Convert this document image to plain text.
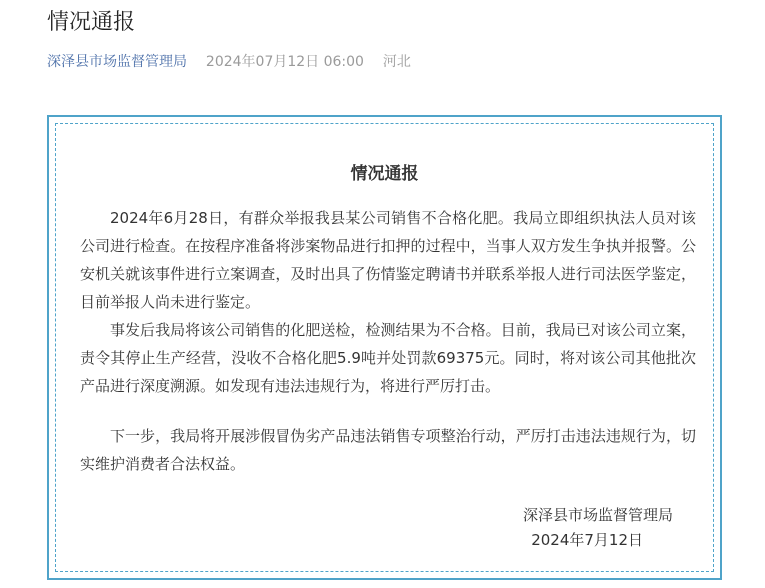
情况通报
深泽县市场监督管理局 2024年07月12日 06:00 河北
情况通报

2024年6月28日，有群众举报我县某公司销售不合格化肥。我局立即组织执法人员对该公司进行检查。在按程序准备将涉案物品进行扣押的过程中，当事人双方发生争执并报警。公安机关就该事件进行立案调查，及时出具了伤情鉴定聘请书并联系举报人进行司法医学鉴定，目前举报人尚未进行鉴定。

事发后我局将该公司销售的化肥送检，检测结果为不合格。目前，我局已对该公司立案，责令其停止生产经营，没收不合格化肥5.9吨并处罚款69375元。同时，将对该公司其他批次产品进行深度溯源。如发现有违法违规行为，将进行严厉打击。

下一步，我局将开展涉假冒伪劣产品违法销售专项整治行动，严厉打击违法违规行为，切实维护消费者合法权益。

深泽县市场监督管理局
2024年7月12日
